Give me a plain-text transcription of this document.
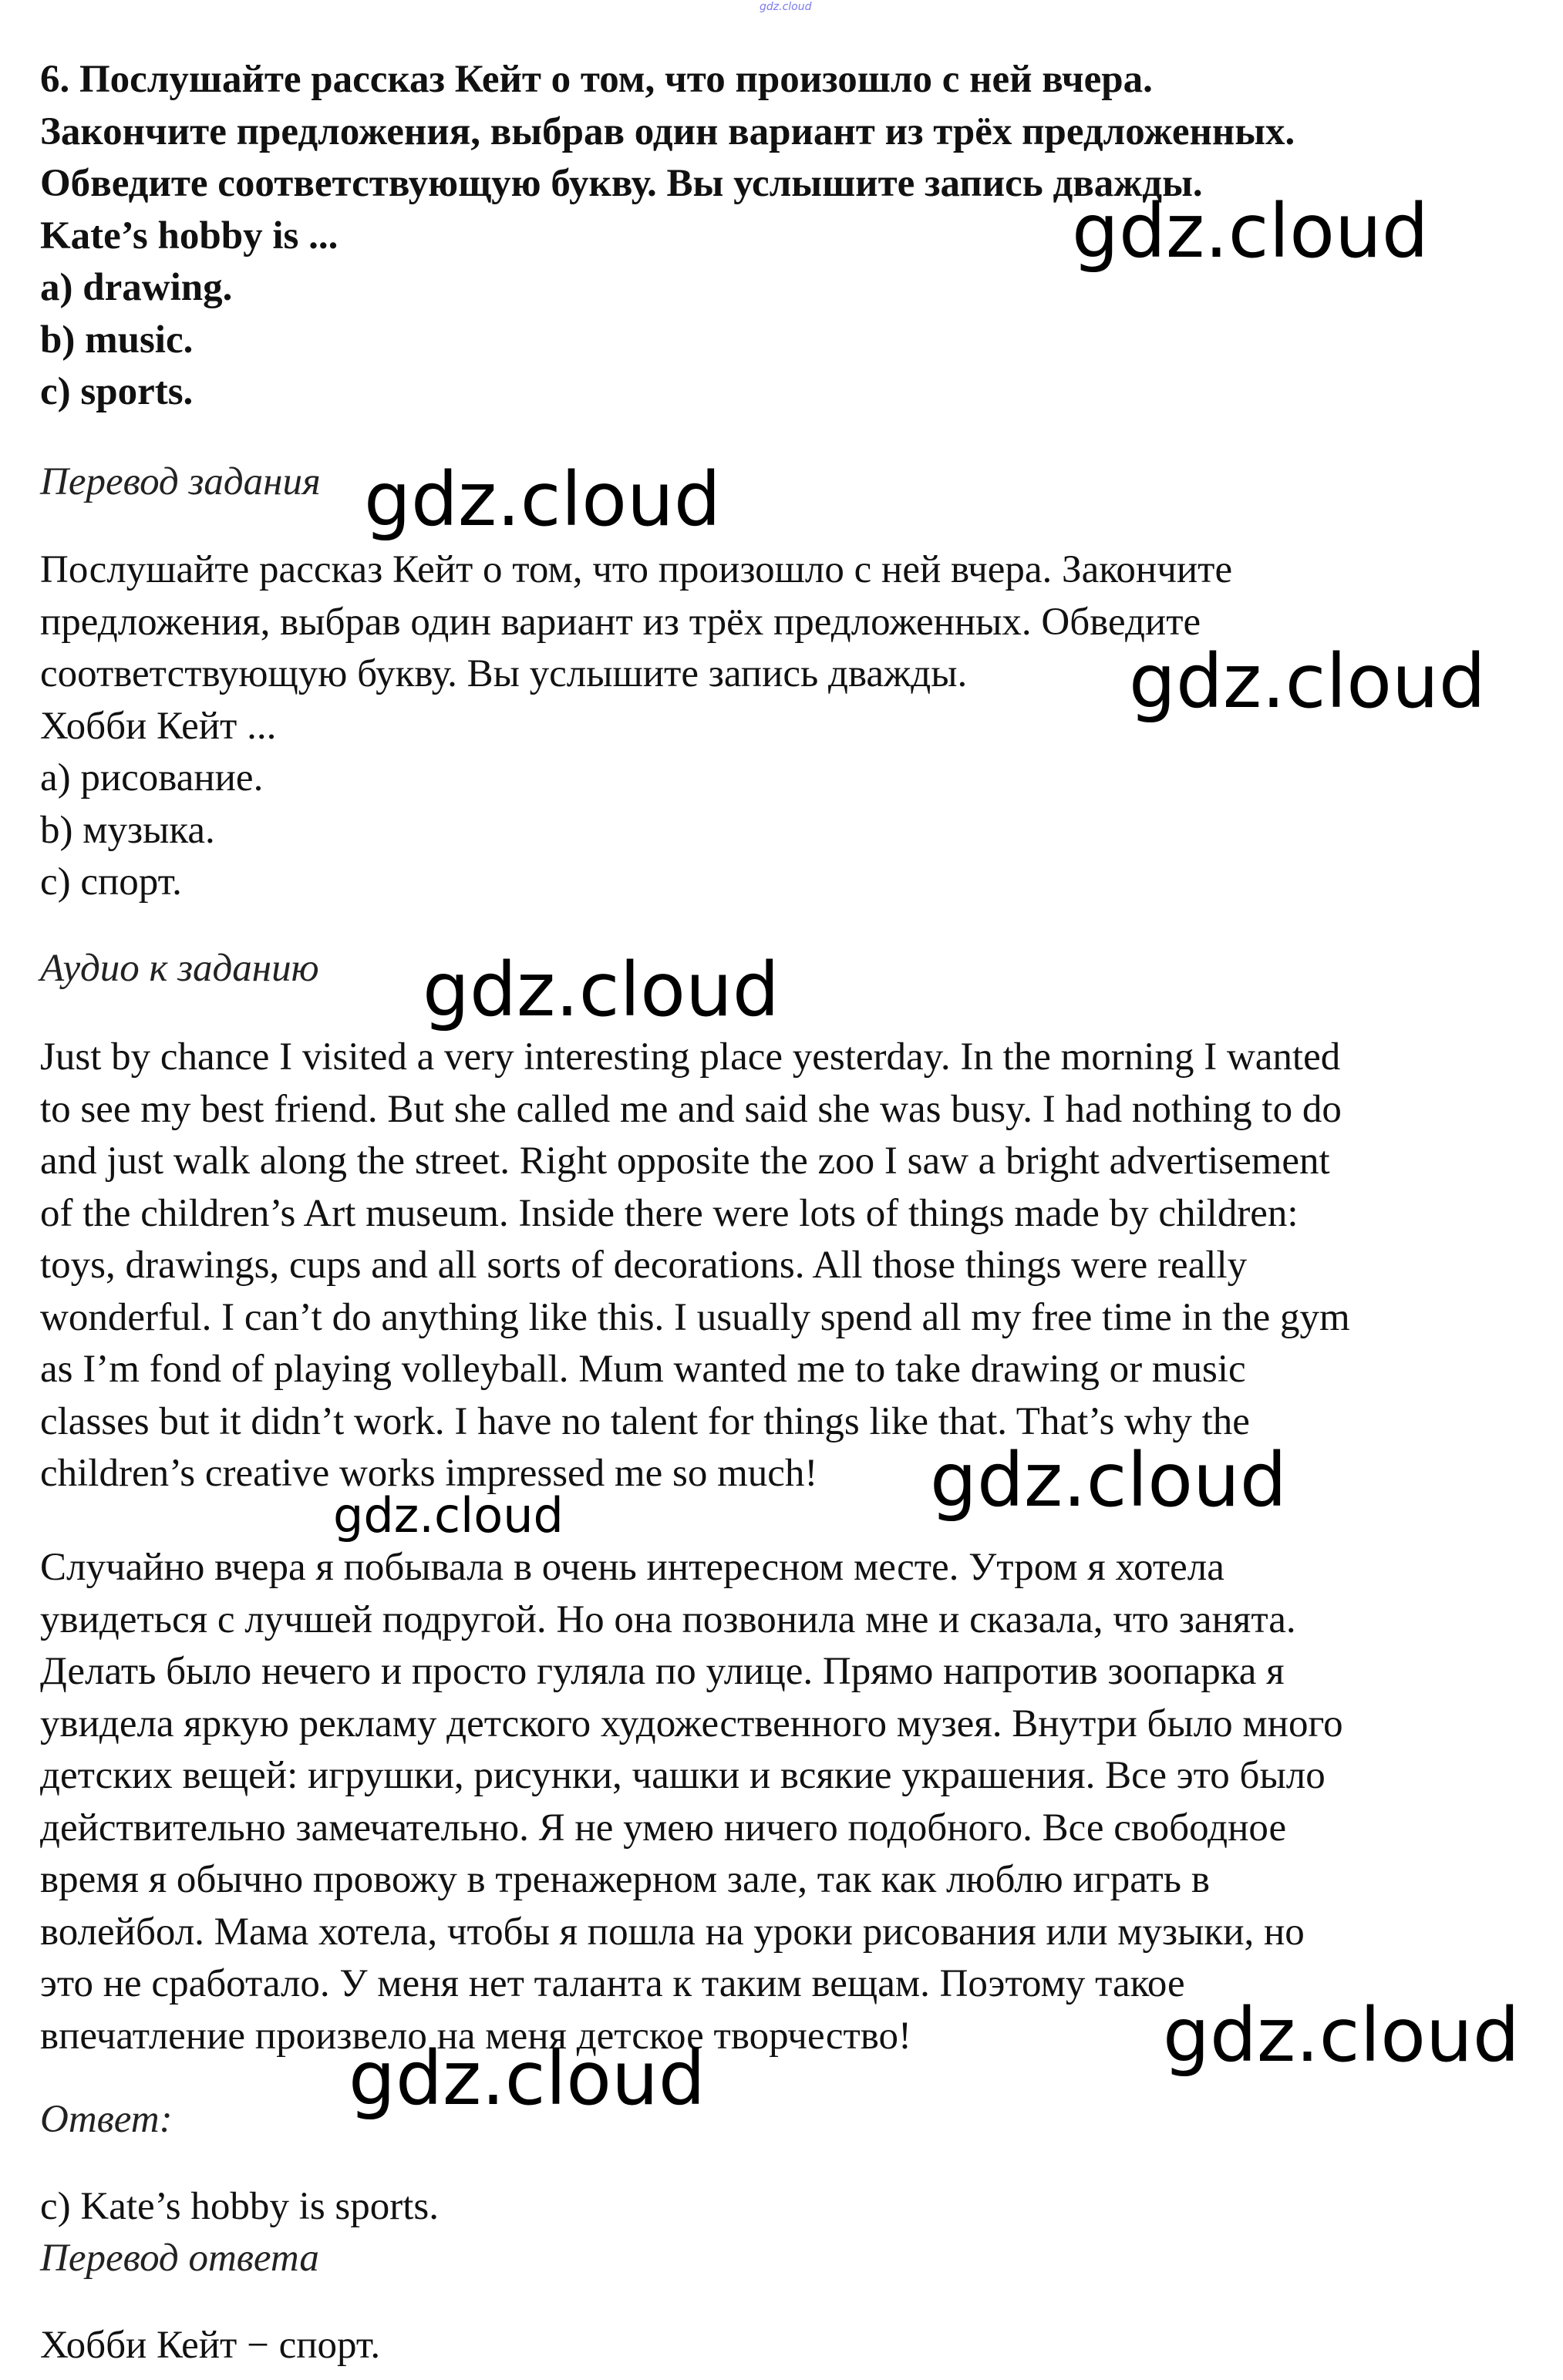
gdz.cloud
6. Послушайте рассказ Кейт о том, что произошло с ней вчера.
Закончите предложения, выбрав один вариант из трёх предложенных.
Обведите соответствующую букву. Вы услышите запись дважды.
Kate’s hobby is ...
a) drawing.
b) music.
c) sports.
Перевод задания
Послушайте рассказ Кейт о том, что произошло с ней вчера. Закончите
предложения, выбрав один вариант из трёх предложенных. Обведите
соответствующую букву. Вы услышите запись дважды.
Хобби Кейт ...
a) рисование.
b) музыка.
c) спорт.
Аудио к заданию
Just by chance I visited a very interesting place yesterday. In the morning I wanted
to see my best friend. But she called me and said she was busy. I had nothing to do
and just walk along the street. Right opposite the zoo I saw a bright advertisement
of the children’s Art museum. Inside there were lots of things made by children:
toys, drawings, cups and all sorts of decorations. All those things were really
wonderful. I can’t do anything like this. I usually spend all my free time in the gym
as I’m fond of playing volleyball. Mum wanted me to take drawing or music
classes but it didn’t work. I have no talent for things like that. That’s why the
children’s creative works impressed me so much!
Случайно вчера я побывала в очень интересном месте. Утром я хотела
увидеться с лучшей подругой. Но она позвонила мне и сказала, что занята.
Делать было нечего и просто гуляла по улице. Прямо напротив зоопарка я
увидела яркую рекламу детского художественного музея. Внутри было много
детских вещей: игрушки, рисунки, чашки и всякие украшения. Все это было
действительно замечательно. Я не умею ничего подобного. Все свободное
время я обычно провожу в тренажерном зале, так как люблю играть в
волейбол. Мама хотела, чтобы я пошла на уроки рисования или музыки, но
это не сработало. У меня нет таланта к таким вещам. Поэтому такое
впечатление произвело на меня детское творчество!
Ответ:
c) Kate’s hobby is sports.
Перевод ответа
Хобби Кейт − спорт.
gdz.cloud
gdz.cloud
gdz.cloud
gdz.cloud
gdz.cloud
gdz.cloud
gdz.cloud
gdz.cloud
